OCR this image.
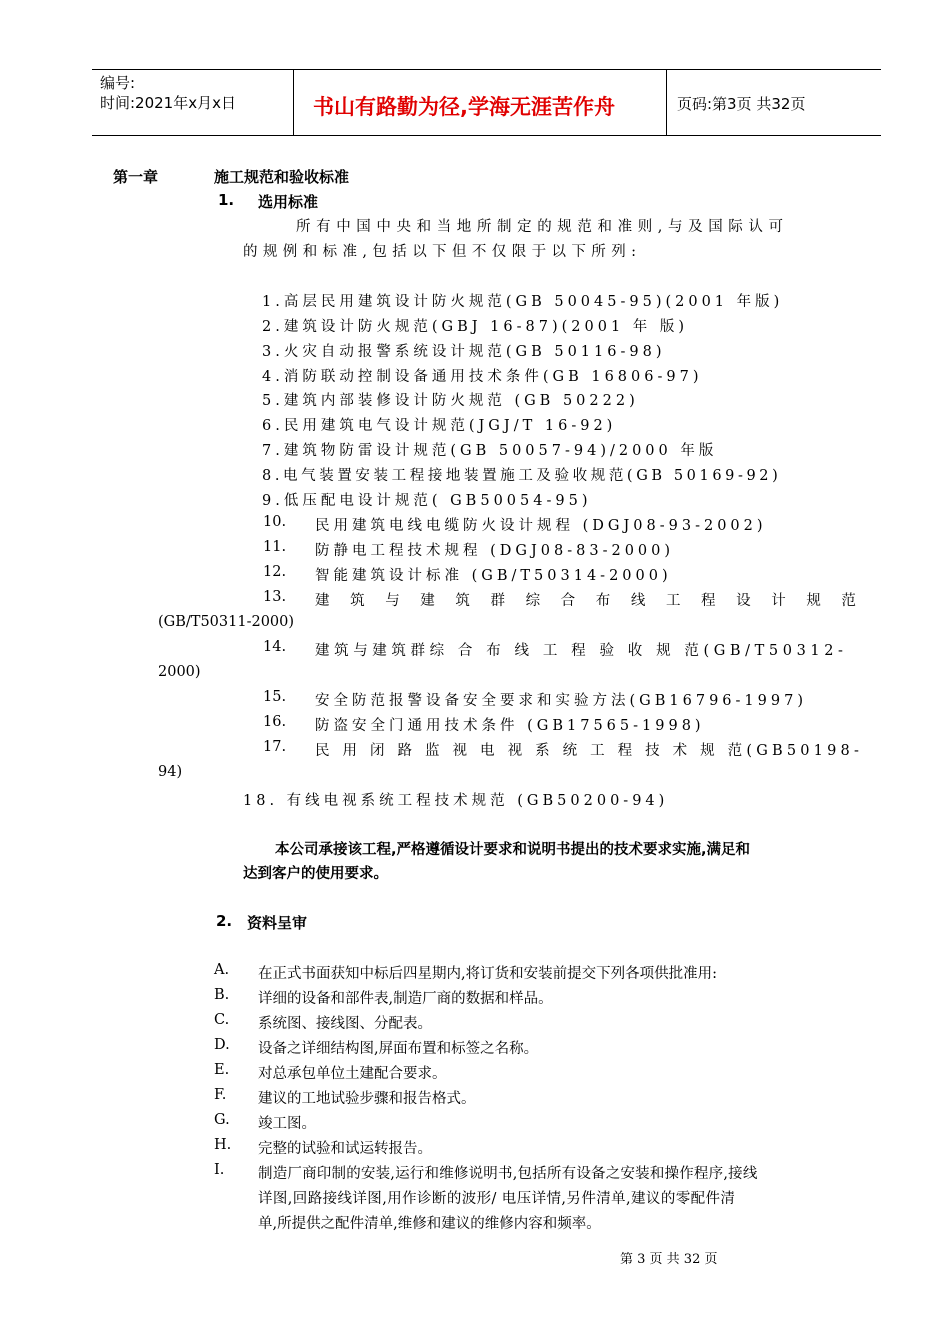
编号:
时间:2021年x月x日	书山有路勤为径,学海无涯苦作舟	页码:第3页 共32页
第一章	施工规范和验收标准
1. 选用标准
所有中国中央和当地所制定的规范和准则,与及国际认可
的规例和标准,包括以下但不仅限于以下所列:
1.高层民用建筑设计防火规范(GB 50045-95)(2001 年版)
2.建筑设计防火规范(GBJ 16-87)(2001 年 版)
3.火灾自动报警系统设计规范(GB 50116-98)
4.消防联动控制设备通用技术条件(GB 16806-97)
5.建筑内部装修设计防火规范 (GB 50222)
6.民用建筑电气设计规范(JGJ/T 16-92)
7.建筑物防雷设计规范(GB 50057-94)/2000 年版
8.电气装置安装工程接地装置施工及验收规范(GB 50169-92)
9.低压配电设计规范( GB50054-95)
10. 民用建筑电线电缆防火设计规程 (DGJ08-93-2002)
11. 防静电工程技术规程 (DGJ08-83-2000)
12. 智能建筑设计标准 (GB/T50314-2000)
13. 建 筑 与 建 筑 群 综 合 布 线 工 程 设 计 规 范
(GB/T50311-2000)
14. 建筑与建筑群综 合 布 线 工 程 验 收 规 范(GB/T50312-
2000)
15. 安全防范报警设备安全要求和实验方法(GB16796-1997)
16. 防盗安全门通用技术条件 (GB17565-1998)
17. 民 用 闭 路 监 视 电 视 系 统 工 程 技 术 规 范(GB50198-
94)
18. 有线电视系统工程技术规范 (GB50200-94)
本公司承接该工程,严格遵循设计要求和说明书提出的技术要求实施,满足和
达到客户的使用要求。
2. 资料呈审
A. 在正式书面获知中标后四星期内,将订货和安装前提交下列各项供批准用:
B. 详细的设备和部件表,制造厂商的数据和样品。
C. 系统图、接线图、分配表。
D. 设备之详细结构图,屏面布置和标签之名称。
E. 对总承包单位土建配合要求。
F. 建议的工地试验步骤和报告格式。
G. 竣工图。
H. 完整的试验和试运转报告。
I. 制造厂商印制的安装,运行和维修说明书,包括所有设备之安装和操作程序,接线
详图,回路接线详图,用作诊断的波形/ 电压详情,另件清单,建议的零配件清
单,所提供之配件清单,维修和建议的维修内容和频率。
第 3 页 共 32 页
